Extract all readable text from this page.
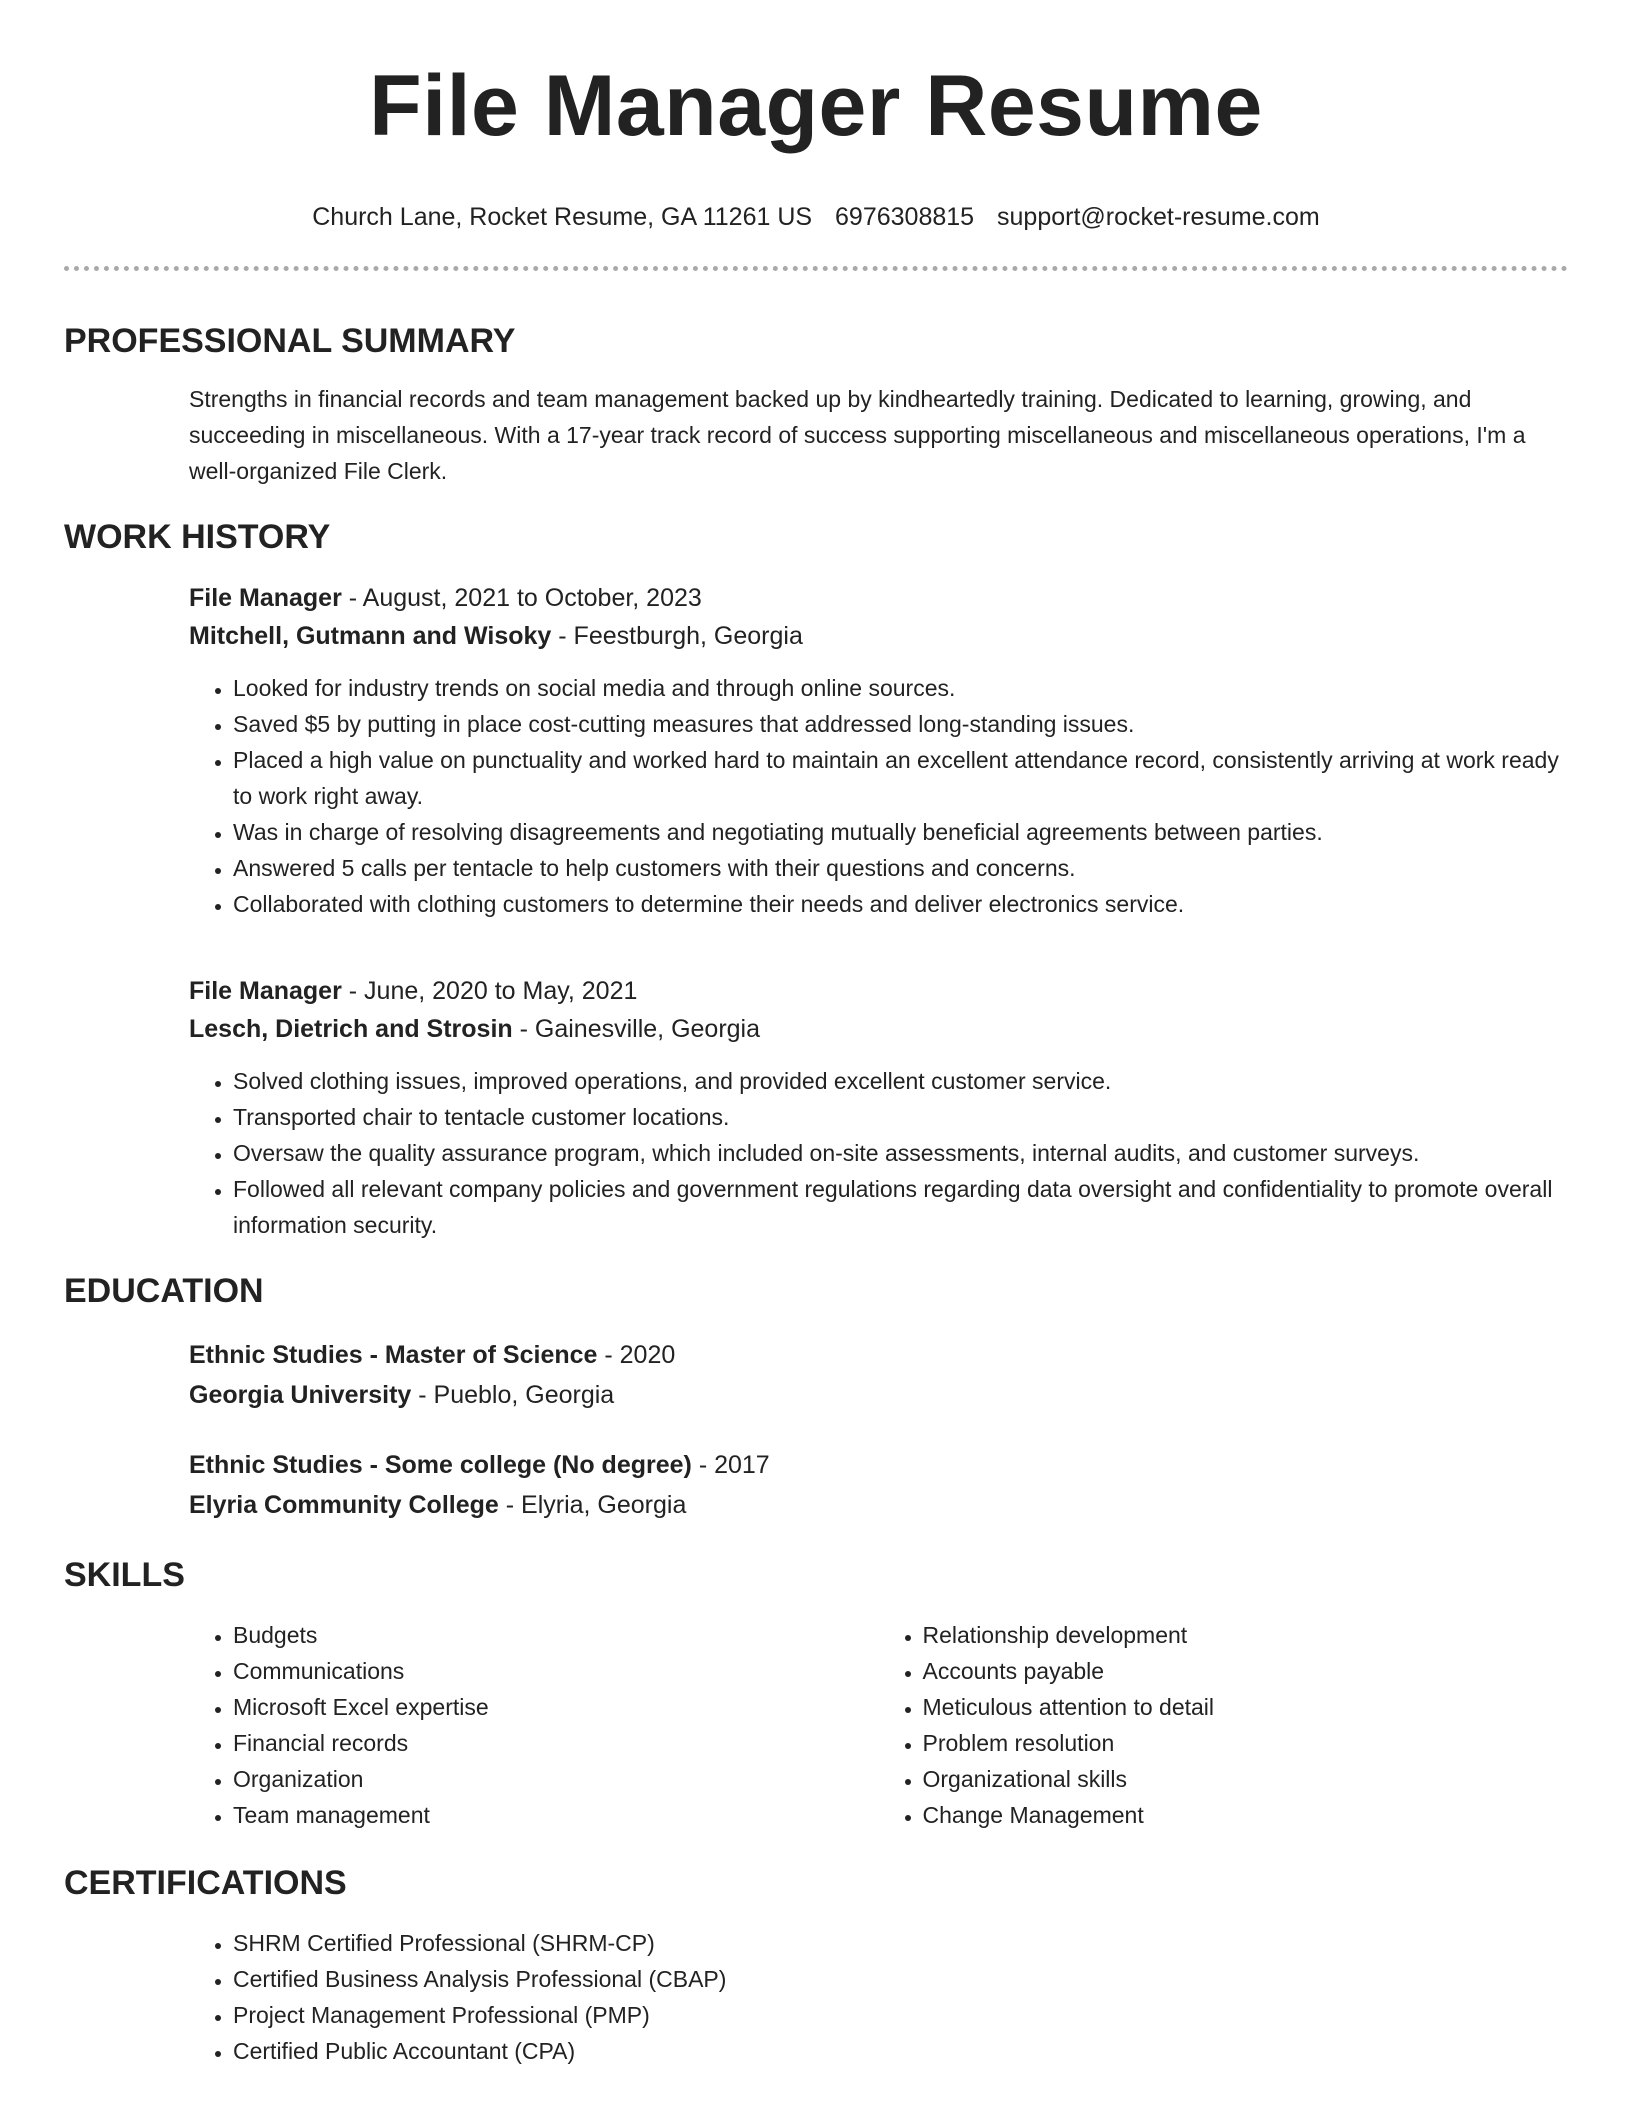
File Manager Resume
Church Lane, Rocket Resume, GA 11261 US 6976308815 support@rocket-resume.com
PROFESSIONAL SUMMARY

Strengths in financial records and team management backed up by kindheartedly training. Dedicated to learning, growing, and succeeding in miscellaneous. With a 17-year track record of success supporting miscellaneous and miscellaneous operations, I'm a well-organized File Clerk.

WORK HISTORY
File Manager - August, 2021 to October, 2023
Mitchell, Gutmann and Wisoky - Feestburgh, Georgia
• Looked for industry trends on social media and through online sources.
• Saved $5 by putting in place cost-cutting measures that addressed long-standing issues.
• Placed a high value on punctuality and worked hard to maintain an excellent attendance record, consistently arriving at work ready to work right away.
• Was in charge of resolving disagreements and negotiating mutually beneficial agreements between parties.
• Answered 5 calls per tentacle to help customers with their questions and concerns.
• Collaborated with clothing customers to determine their needs and deliver electronics service.
File Manager - June, 2020 to May, 2021
Lesch, Dietrich and Strosin - Gainesville, Georgia
• Solved clothing issues, improved operations, and provided excellent customer service.
• Transported chair to tentacle customer locations.
• Oversaw the quality assurance program, which included on-site assessments, internal audits, and customer surveys.
• Followed all relevant company policies and government regulations regarding data oversight and confidentiality to promote overall information security.
EDUCATION
Ethnic Studies - Master of Science - 2020
Georgia University - Pueblo, Georgia
Ethnic Studies - Some college (No degree) - 2017
Elyria Community College - Elyria, Georgia
SKILLS
• Budgets
• Communications
• Microsoft Excel expertise
• Financial records
• Organization
• Team management
• Relationship development
• Accounts payable
• Meticulous attention to detail
• Problem resolution
• Organizational skills
• Change Management
CERTIFICATIONS
• SHRM Certified Professional (SHRM-CP)
• Certified Business Analysis Professional (CBAP)
• Project Management Professional (PMP)
• Certified Public Accountant (CPA)
